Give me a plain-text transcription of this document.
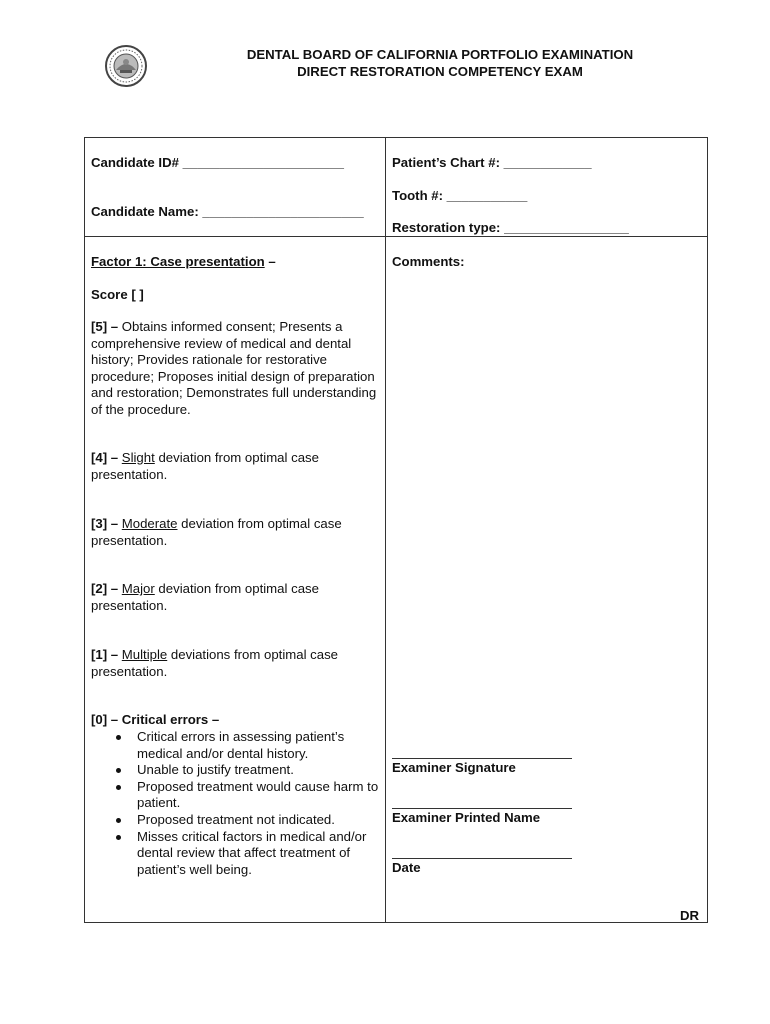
DENTAL BOARD OF CALIFORNIA PORTFOLIO EXAMINATION
DIRECT RESTORATION COMPETENCY EXAM
Candidate ID# ______________________
Candidate Name: ______________________
Patient’s Chart #: ____________
Tooth #: ___________
Restoration type: _________________
Factor 1: Case presentation –
Score [ ]
[5] – Obtains informed consent; Presents a comprehensive review of medical and dental history; Provides rationale for restorative procedure; Proposes initial design of preparation and restoration; Demonstrates full understanding of the procedure.
[4] – Slight deviation from optimal case presentation.
[3] – Moderate deviation from optimal case presentation.
[2] – Major deviation from optimal case presentation.
[1] – Multiple deviations from optimal case presentation.
[0] – Critical errors –
Critical errors in assessing patient’s medical and/or dental history.
Unable to justify treatment.
Proposed treatment would cause harm to patient.
Proposed treatment not indicated.
Misses critical factors in medical and/or dental review that affect treatment of patient’s well being.
Comments:
Examiner Signature
Examiner Printed Name
Date
DR
